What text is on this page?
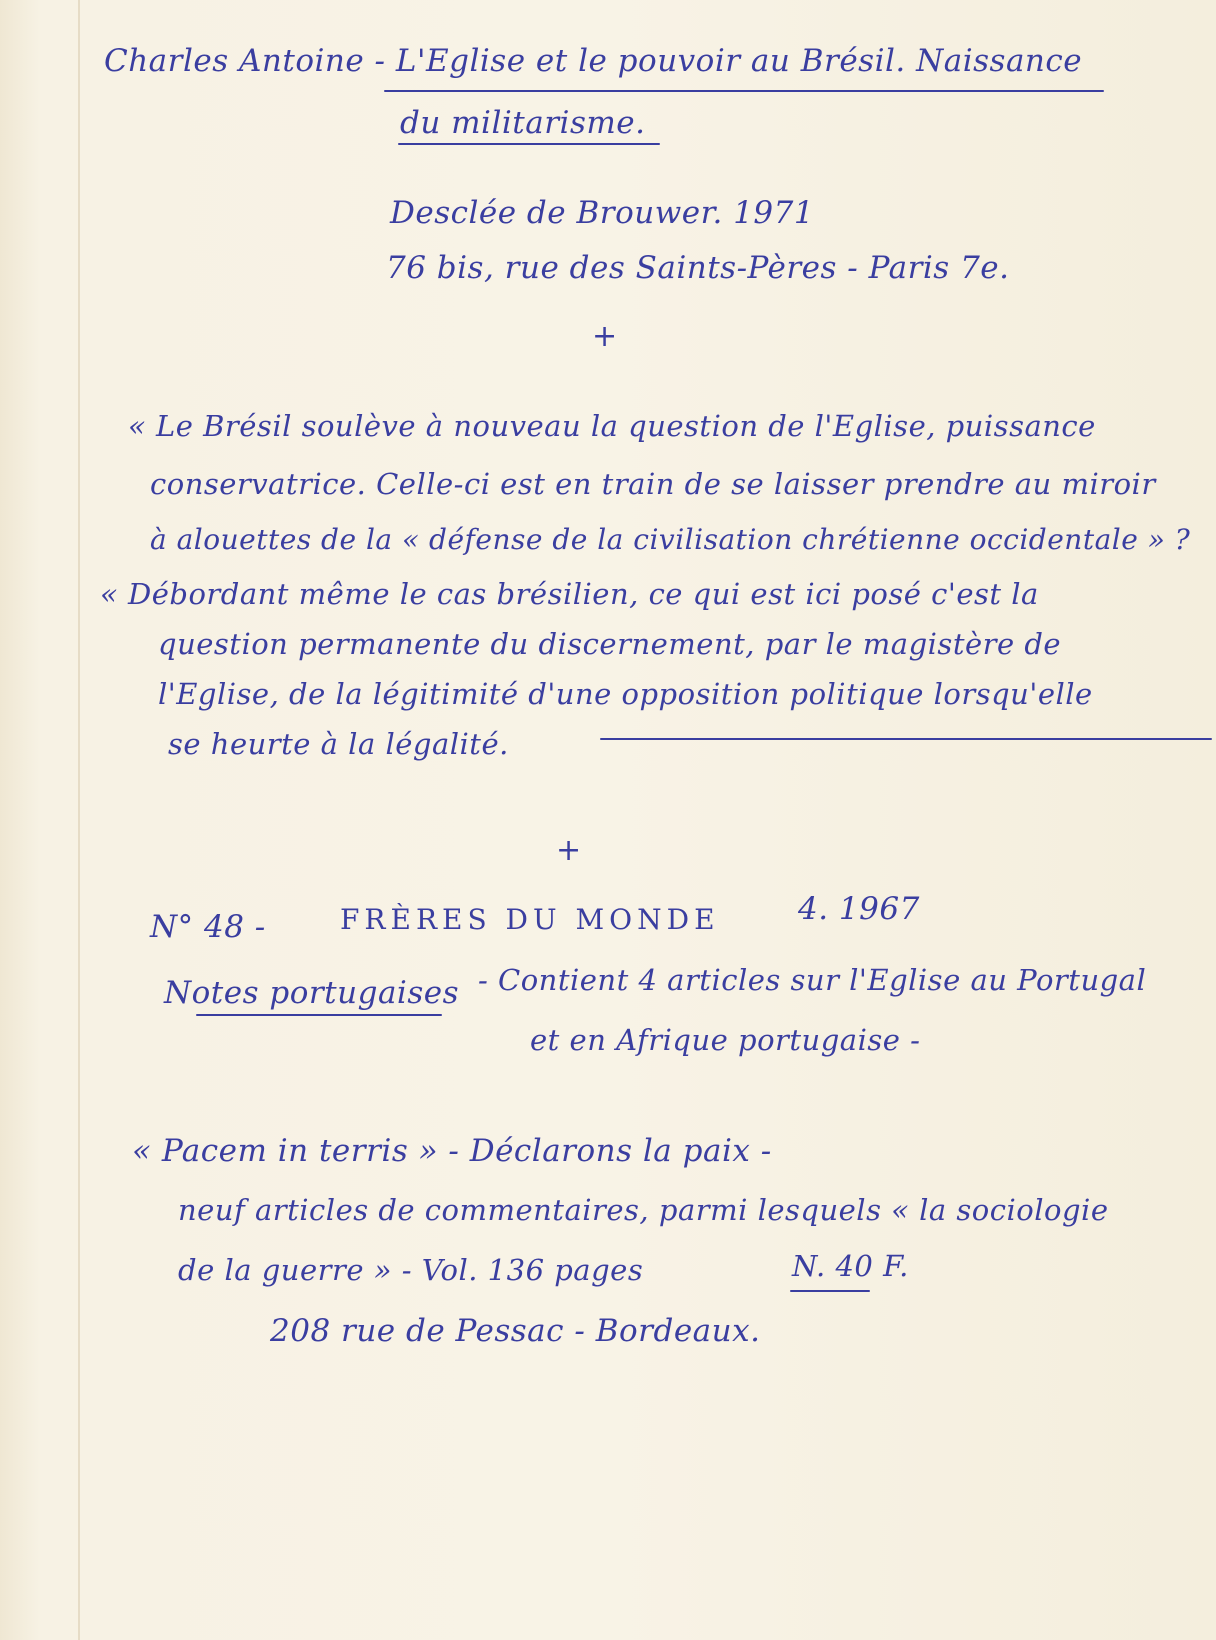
Charles Antoine - L'Eglise et le pouvoir au Brésil. Naissance
du militarisme.
Desclée de Brouwer. 1971
76 bis, rue des Saints-Pères - Paris 7e.
+
« Le Brésil soulève à nouveau la question de l'Eglise, puissance
conservatrice. Celle-ci est en train de se laisser prendre au miroir
à alouettes de la « défense de la civilisation chrétienne occidentale » ?
« Débordant même le cas brésilien, ce qui est ici posé c'est la
question permanente du discernement, par le magistère de
l'Eglise, de la légitimité d'une opposition politique lorsqu'elle
se heurte à la légalité.
+
N° 48 -	FRÈRES DU MONDE	4. 1967
Notes portugaises - Contient 4 articles sur l'Eglise au Portugal
et en Afrique portugaise -
« Pacem in terris » - Déclarons la paix -
neuf articles de commentaires, parmi lesquels « la sociologie
de la guerre » - Vol. 136 pages	N. 40 F.
208 rue de Pessac - Bordeaux.
